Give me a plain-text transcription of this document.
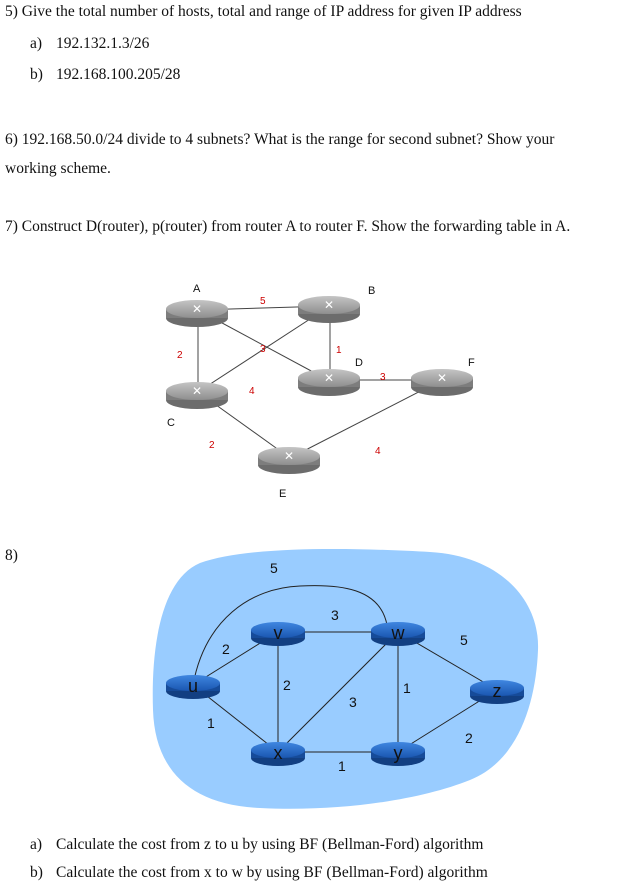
5) Give the total number of hosts, total and range of IP address for given IP address
a) 192.132.1.3/26
b) 192.168.100.205/28
6) 192.168.50.0/24 divide to 4 subnets? What is the range for second subnet? Show your
working scheme.
7) Construct D(router), p(router) from router A to router F. Show the forwarding table in A.
8)
a) Calculate the cost from z to u by using BF (Bellman-Ford) algorithm
b) Calculate the cost from x to w by using BF (Bellman-Ford) algorithm
✕	✕
✕
✕	✕
✕
A	B
C
D
E
F
5
2
3
4
1
3
2
4
u
v	w
x	y
z
5
2
1
3
2
3
1
5
1
2
